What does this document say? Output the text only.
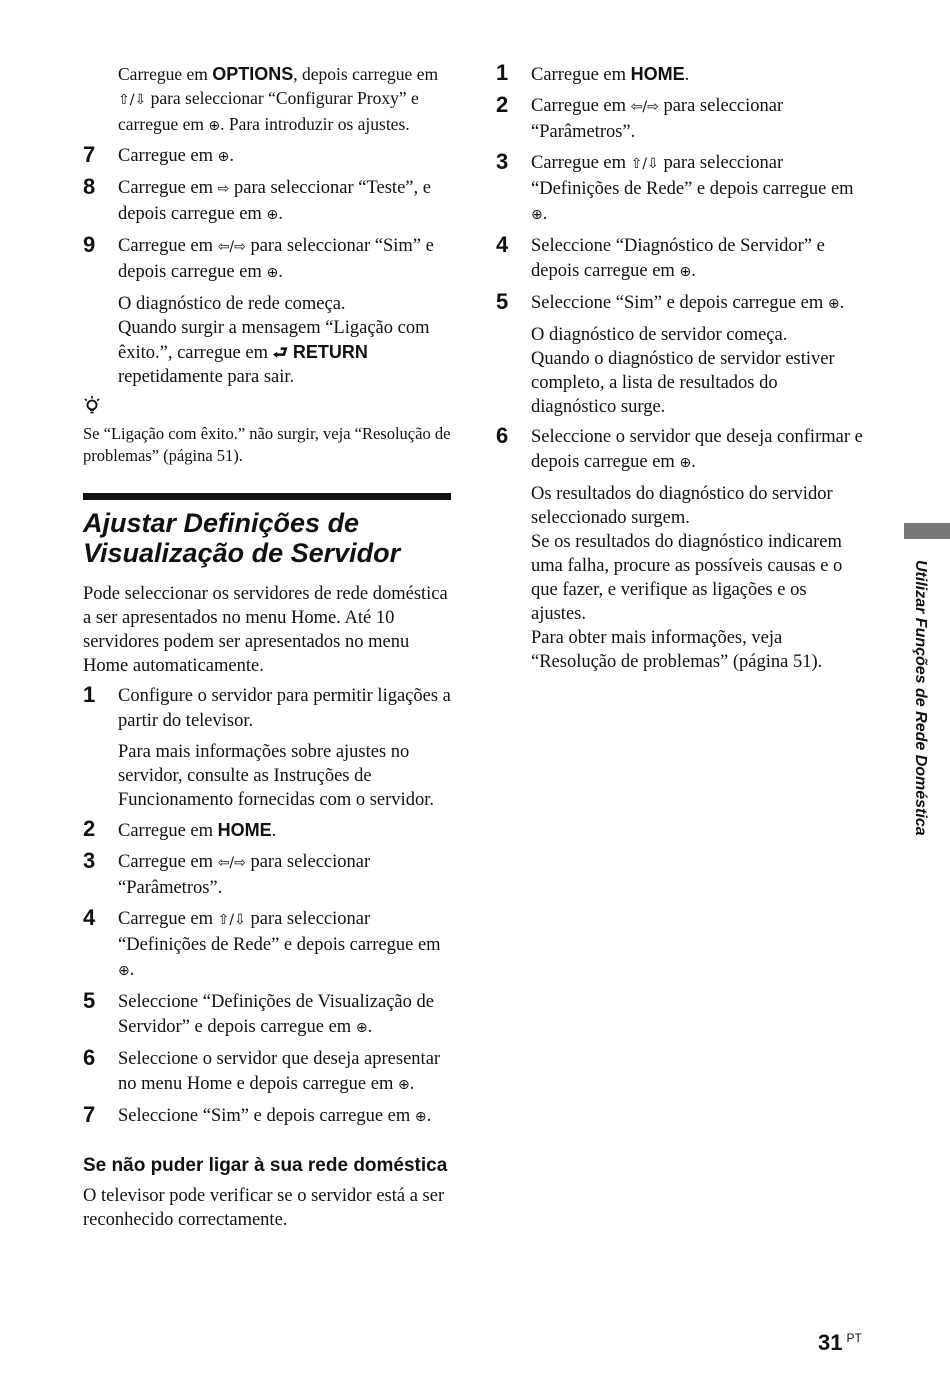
Carregue em OPTIONS, depois carregue em ⇧/⇩ para seleccionar “Configurar Proxy” e carregue em ⊕. Para introduzir os ajustes.
7 Carregue em ⊕.
8 Carregue em ⇨ para seleccionar “Teste”, e depois carregue em ⊕.
9 Carregue em ⇦/⇨ para seleccionar “Sim” e depois carregue em ⊕.
O diagnóstico de rede começa.
Quando surgir a mensagem “Ligação com êxito.”, carregue em ⮐ RETURN repetidamente para sair.
Se “Ligação com êxito.” não surgir, veja “Resolução de problemas” (página 51).
Ajustar Definições de
Visualização de Servidor
Pode seleccionar os servidores de rede doméstica a ser apresentados no menu Home. Até 10 servidores podem ser apresentados no menu Home automaticamente.
1 Configure o servidor para permitir ligações a partir do televisor.
Para mais informações sobre ajustes no servidor, consulte as Instruções de Funcionamento fornecidas com o servidor.
2 Carregue em HOME.
3 Carregue em ⇦/⇨ para seleccionar “Parâmetros”.
4 Carregue em ⇧/⇩ para seleccionar “Definições de Rede” e depois carregue em ⊕.
5 Seleccione “Definições de Visualização de Servidor” e depois carregue em ⊕.
6 Seleccione o servidor que deseja apresentar no menu Home e depois carregue em ⊕.
7 Seleccione “Sim” e depois carregue em ⊕.
Se não puder ligar à sua rede doméstica
O televisor pode verificar se o servidor está a ser reconhecido correctamente.
1 Carregue em HOME.
2 Carregue em ⇦/⇨ para seleccionar “Parâmetros”.
3 Carregue em ⇧/⇩ para seleccionar “Definições de Rede” e depois carregue em ⊕.
4 Seleccione “Diagnóstico de Servidor” e depois carregue em ⊕.
5 Seleccione “Sim” e depois carregue em ⊕.
O diagnóstico de servidor começa.
Quando o diagnóstico de servidor estiver completo, a lista de resultados do diagnóstico surge.
6 Seleccione o servidor que deseja confirmar e depois carregue em ⊕.
Os resultados do diagnóstico do servidor seleccionado surgem.
Se os resultados do diagnóstico indicarem uma falha, procure as possíveis causas e o que fazer, e verifique as ligações e os ajustes.
Para obter mais informações, veja “Resolução de problemas” (página 51).	Utilizar Funções de Rede Doméstica
31 $^{PT}$
